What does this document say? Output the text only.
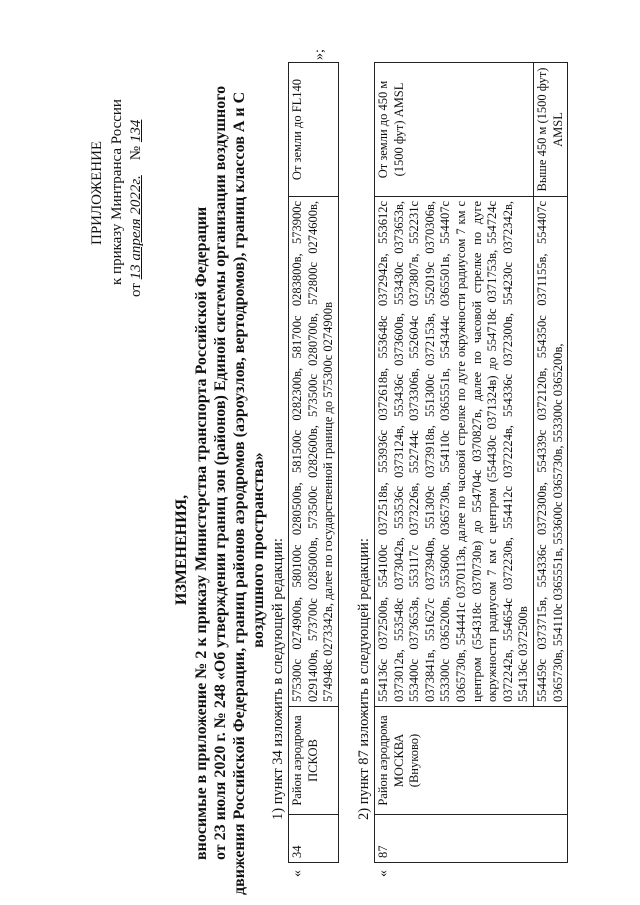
ПРИЛОЖЕНИЕ к приказу Минтранса России
от 13 апреля 2022г.    № 134
ИЗМЕНЕНИЯ, вносимые в приложение № 2 к приказу Министерства транспорта Российской Федерации от 23 июля 2020 г. № 248 «Об утверждении границ зон (районов) Единой системы организации воздушного движения Российской Федерации, границ районов аэродромов (аэроузлов, вертодромов), границ классов А и С воздушного пространства» 1) пункт 34 изложить в следующей редакции:
«
34	Район аэродрома ПСКОВ	575300с 0274900в, 580100с 0280500в, 581500с 0282300в, 581700с 0283800в, 573900с 0291400в, 573700с 0285000в, 573500с 0282600в, 573500с 0280700в, 572800с 0274600в, 574948с 0273342в, далее по государственной границе до 575300с 0274900в	От земли до FL140
»;
2) пункт 87 изложить в следующей редакции:
«
87	Район аэродрома МОСКВА (Внуково)	554136с 0372500в, 554100с 0372518в, 553936с 0372618в, 553648с 0372942в, 553612с 0373012в, 553548с 0373042в, 553536с 0373124в, 553436с 0373600в, 553430с 0373653в, 553400с 0373653в, 553117с 0373226в, 552744с 0373306в, 552604с 0373807в, 552231с 0373841в, 551627с 0373940в, 551309с 0373918в, 551300с 0372153в, 552019с 0370306в, 553300с 0365200в, 553600с 0365730в, 554110с 0365551в, 554344с 0365501в, 554407с 0365730в, 554441с 0370113в, далее по часовой стрелке по дуге окружности радиусом 7 км с центром (554318с 0370730в) до 554704с 0370827в, далее по часовой стрелке по дуге окружности радиусом 7 км с центром (554430с 0371324в) до 554718с 0371753в, 554724с 0372242в, 554654с 0372230в, 554412с 0372224в, 554336с 0372300в, 554230с 0372342в, 554136с 0372500в	От земли до 450 м (1500 фут) AMSL
		554459с 0373715в, 554336с 0372300в, 554339с 0372120в, 554350с 0371155в, 554407с 0365730в, 554110с 0365551в, 553600с 0365730в, 553300с 0365200в,	Выше 450 м (1500 фут) AMSL
